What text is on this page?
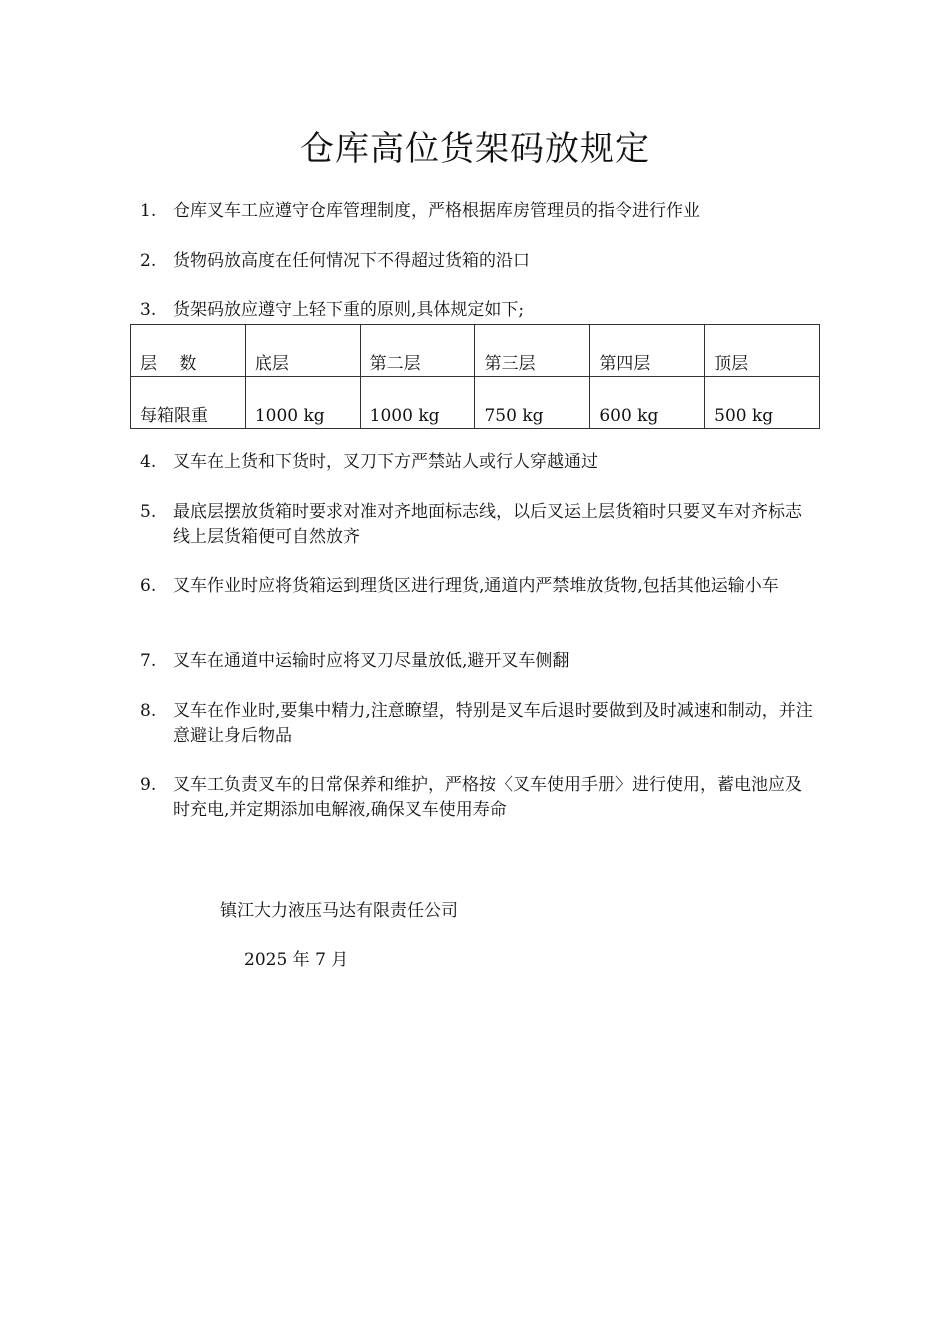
仓库高位货架码放规定
1. 仓库叉车工应遵守仓库管理制度，严格根据库房管理员的指令进行作业
2. 货物码放高度在任何情况下不得超过货箱的沿口
3. 货架码放应遵守上轻下重的原则,具体规定如下;
层　 数	底层	第二层	第三层	第四层	顶层
每箱限重	1000 kg	1000 kg	750 kg	600 kg	500 kg
4. 叉车在上货和下货时，叉刀下方严禁站人或行人穿越通过
5. 最底层摆放货箱时要求对准对齐地面标志线，以后叉运上层货箱时只要叉车对齐标志线上层货箱便可自然放齐
6. 叉车作业时应将货箱运到理货区进行理货,通道内严禁堆放货物,包括其他运输小车
7. 叉车在通道中运输时应将叉刀尽量放低,避开叉车侧翻
8. 叉车在作业时,要集中精力,注意瞭望，特别是叉车后退时要做到及时减速和制动，并注意避让身后物品
9. 叉车工负责叉车的日常保养和维护，严格按〈叉车使用手册〉进行使用，蓄电池应及时充电,并定期添加电解液,确保叉车使用寿命
镇江大力液压马达有限责任公司
2025 年 7 月
